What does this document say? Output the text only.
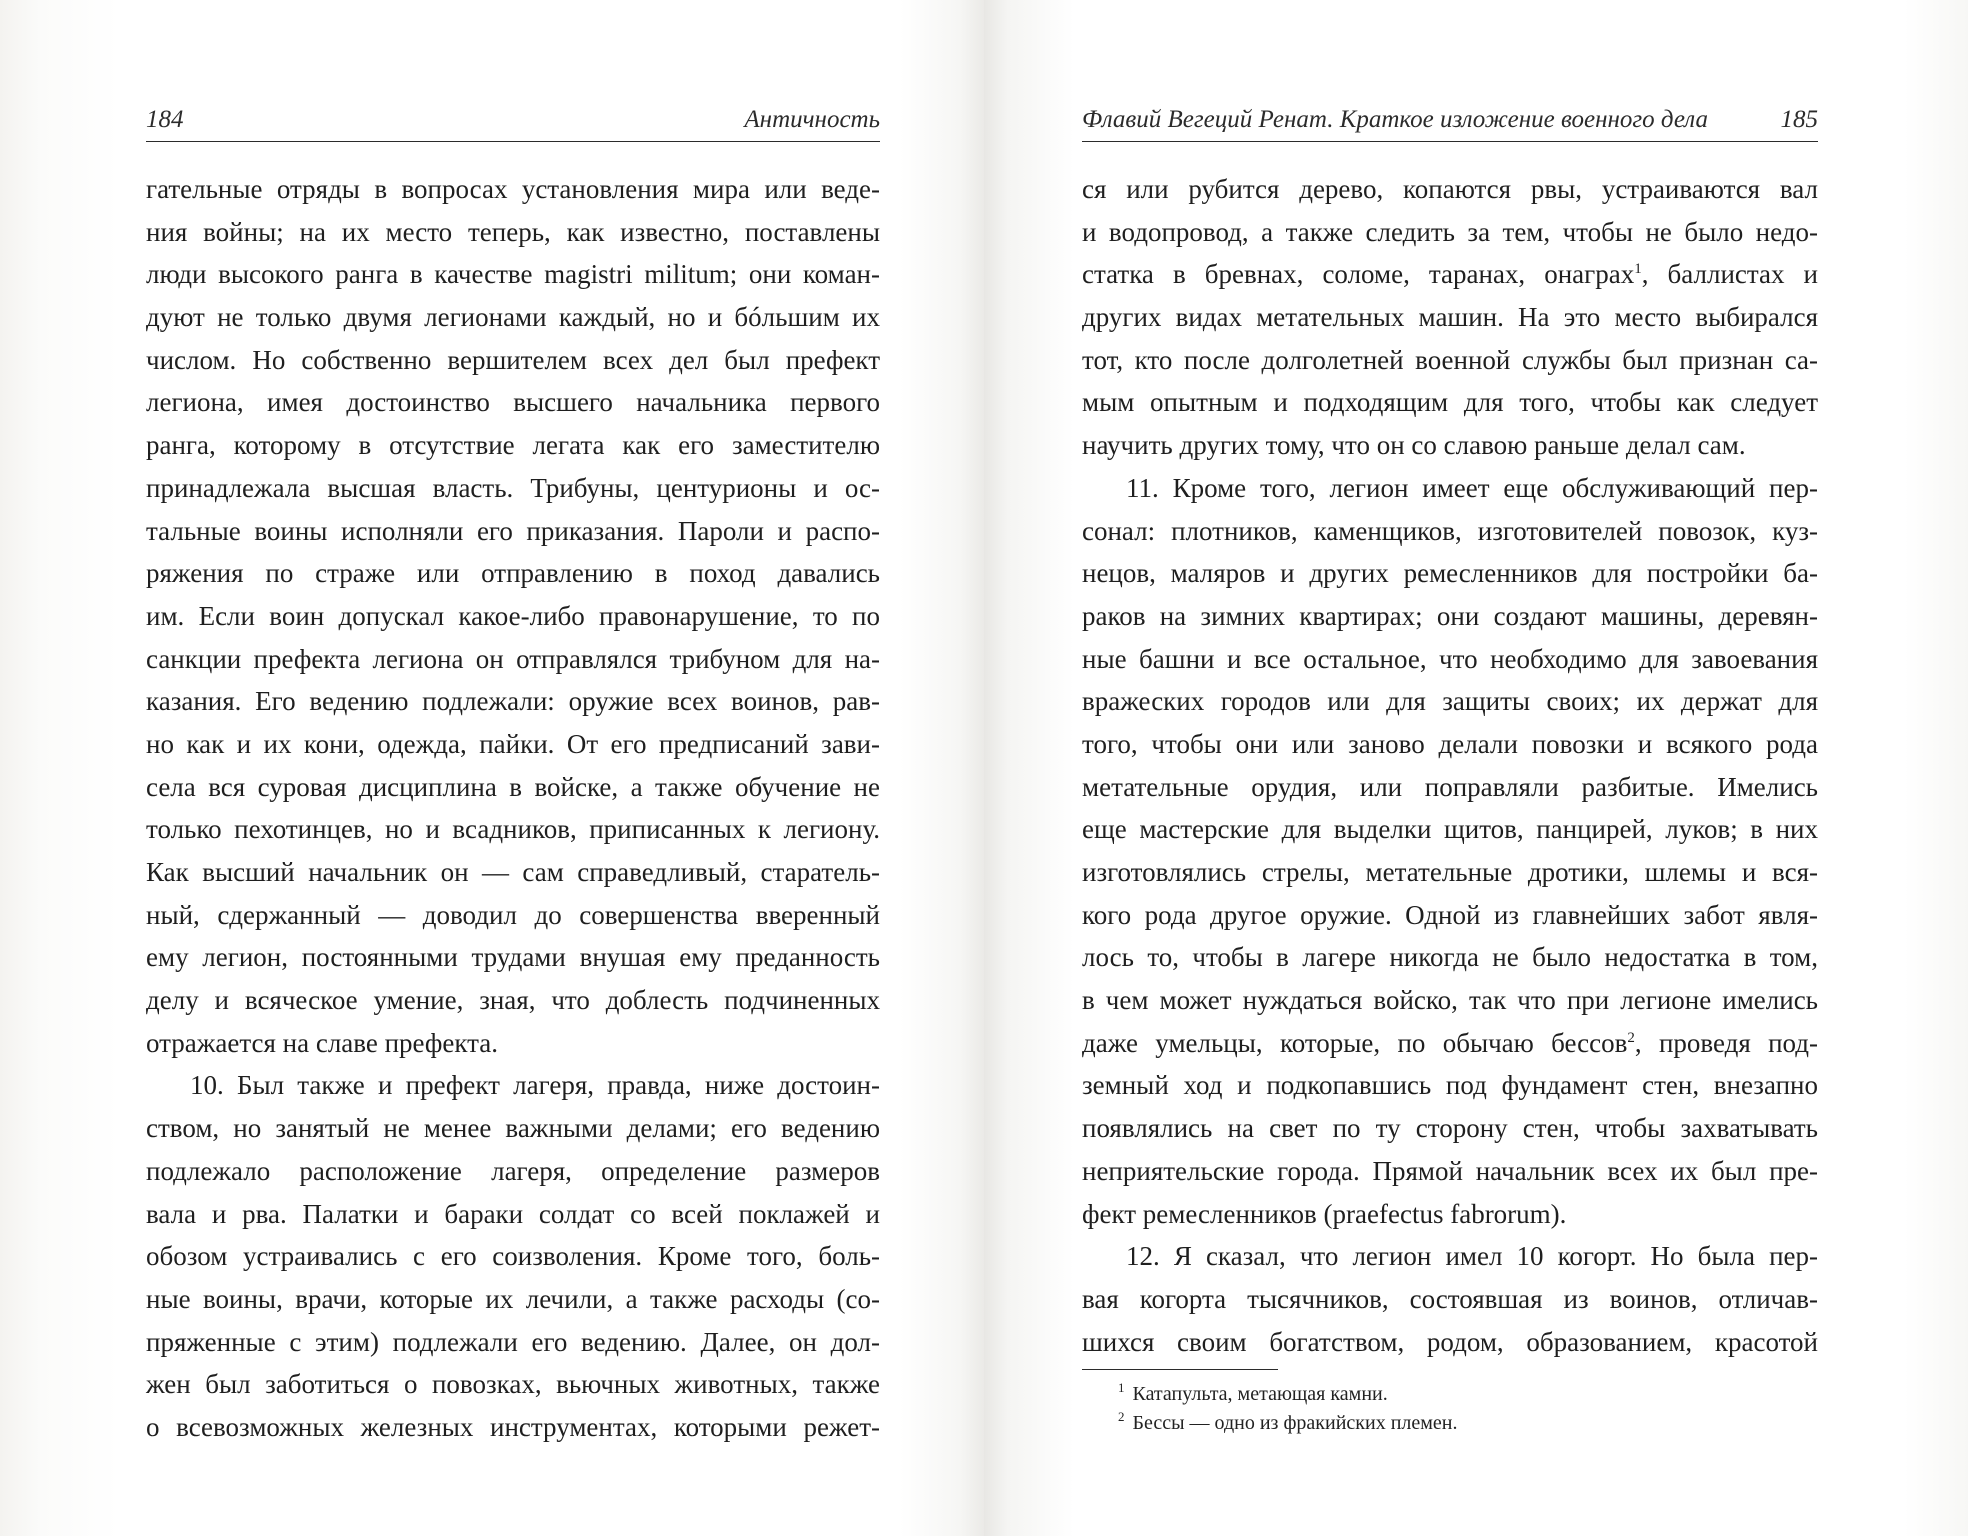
184	Античность
гательные отряды в вопросах установления мира или веде-
ния войны; на их место теперь, как известно, поставлены
люди высокого ранга в качестве magistri militum; они коман-
дуют не только двумя легионами каждый, но и бóльшим их
числом. Но собственно вершителем всех дел был префект
легиона, имея достоинство высшего начальника первого
ранга, которому в отсутствие легата как его заместителю
принадлежала высшая власть. Трибуны, центурионы и ос-
тальные воины исполняли его приказания. Пароли и распо-
ряжения по страже или отправлению в поход давались
им. Если воин допускал какое-либо правонарушение, то по
санкции префекта легиона он отправлялся трибуном для на-
казания. Его ведению подлежали: оружие всех воинов, рав-
но как и их кони, одежда, пайки. От его предписаний зави-
села вся суровая дисциплина в войске, а также обучение не
только пехотинцев, но и всадников, приписанных к легиону.
Как высший начальник он — сам справедливый, старатель-
ный, сдержанный — доводил до совершенства вверенный
ему легион, постоянными трудами внушая ему преданность
делу и всяческое умение, зная, что доблесть подчиненных
отражается на славе префекта.
10. Был также и префект лагеря, правда, ниже достоин-
ством, но занятый не менее важными делами; его ведению
подлежало расположение лагеря, определение размеров
вала и рва. Палатки и бараки солдат со всей поклажей и
обозом устраивались с его соизволения. Кроме того, боль-
ные воины, врачи, которые их лечили, а также расходы (со-
пряженные с этим) подлежали его ведению. Далее, он дол-
жен был заботиться о повозках, вьючных животных, также
о всевозможных железных инструментах, которыми режет-
Флавий Вегеций Ренат. Краткое изложение военного дела	185
ся или рубится дерево, копаются рвы, устраиваются вал
и водопровод, а также следить за тем, чтобы не было недо-
статка в бревнах, соломе, таранах, онаграх$^1$, баллистах и
других видах метательных машин. На это место выбирался
тот, кто после долголетней военной службы был признан са-
мым опытным и подходящим для того, чтобы как следует
научить других тому, что он со славою раньше делал сам.
11. Кроме того, легион имеет еще обслуживающий пер-
сонал: плотников, каменщиков, изготовителей повозок, куз-
нецов, маляров и других ремесленников для постройки ба-
раков на зимних квартирах; они создают машины, деревян-
ные башни и все остальное, что необходимо для завоевания
вражеских городов или для защиты своих; их держат для
того, чтобы они или заново делали повозки и всякого рода
метательные орудия, или поправляли разбитые. Имелись
еще мастерские для выделки щитов, панцирей, луков; в них
изготовлялись стрелы, метательные дротики, шлемы и вся-
кого рода другое оружие. Одной из главнейших забот явля-
лось то, чтобы в лагере никогда не было недостатка в том,
в чем может нуждаться войско, так что при легионе имелись
даже умельцы, которые, по обычаю бессов$^2$, проведя под-
земный ход и подкопавшись под фундамент стен, внезапно
появлялись на свет по ту сторону стен, чтобы захватывать
неприятельские города. Прямой начальник всех их был пре-
фект ремесленников (praefectus fabrorum).
12. Я сказал, что легион имел 10 когорт. Но была пер-
вая когорта тысячников, состоявшая из воинов, отличав-
шихся своим богатством, родом, образованием, красотой
$^1$ Катапульта, метающая камни.
$^2$ Бессы — одно из фракийских племен.
